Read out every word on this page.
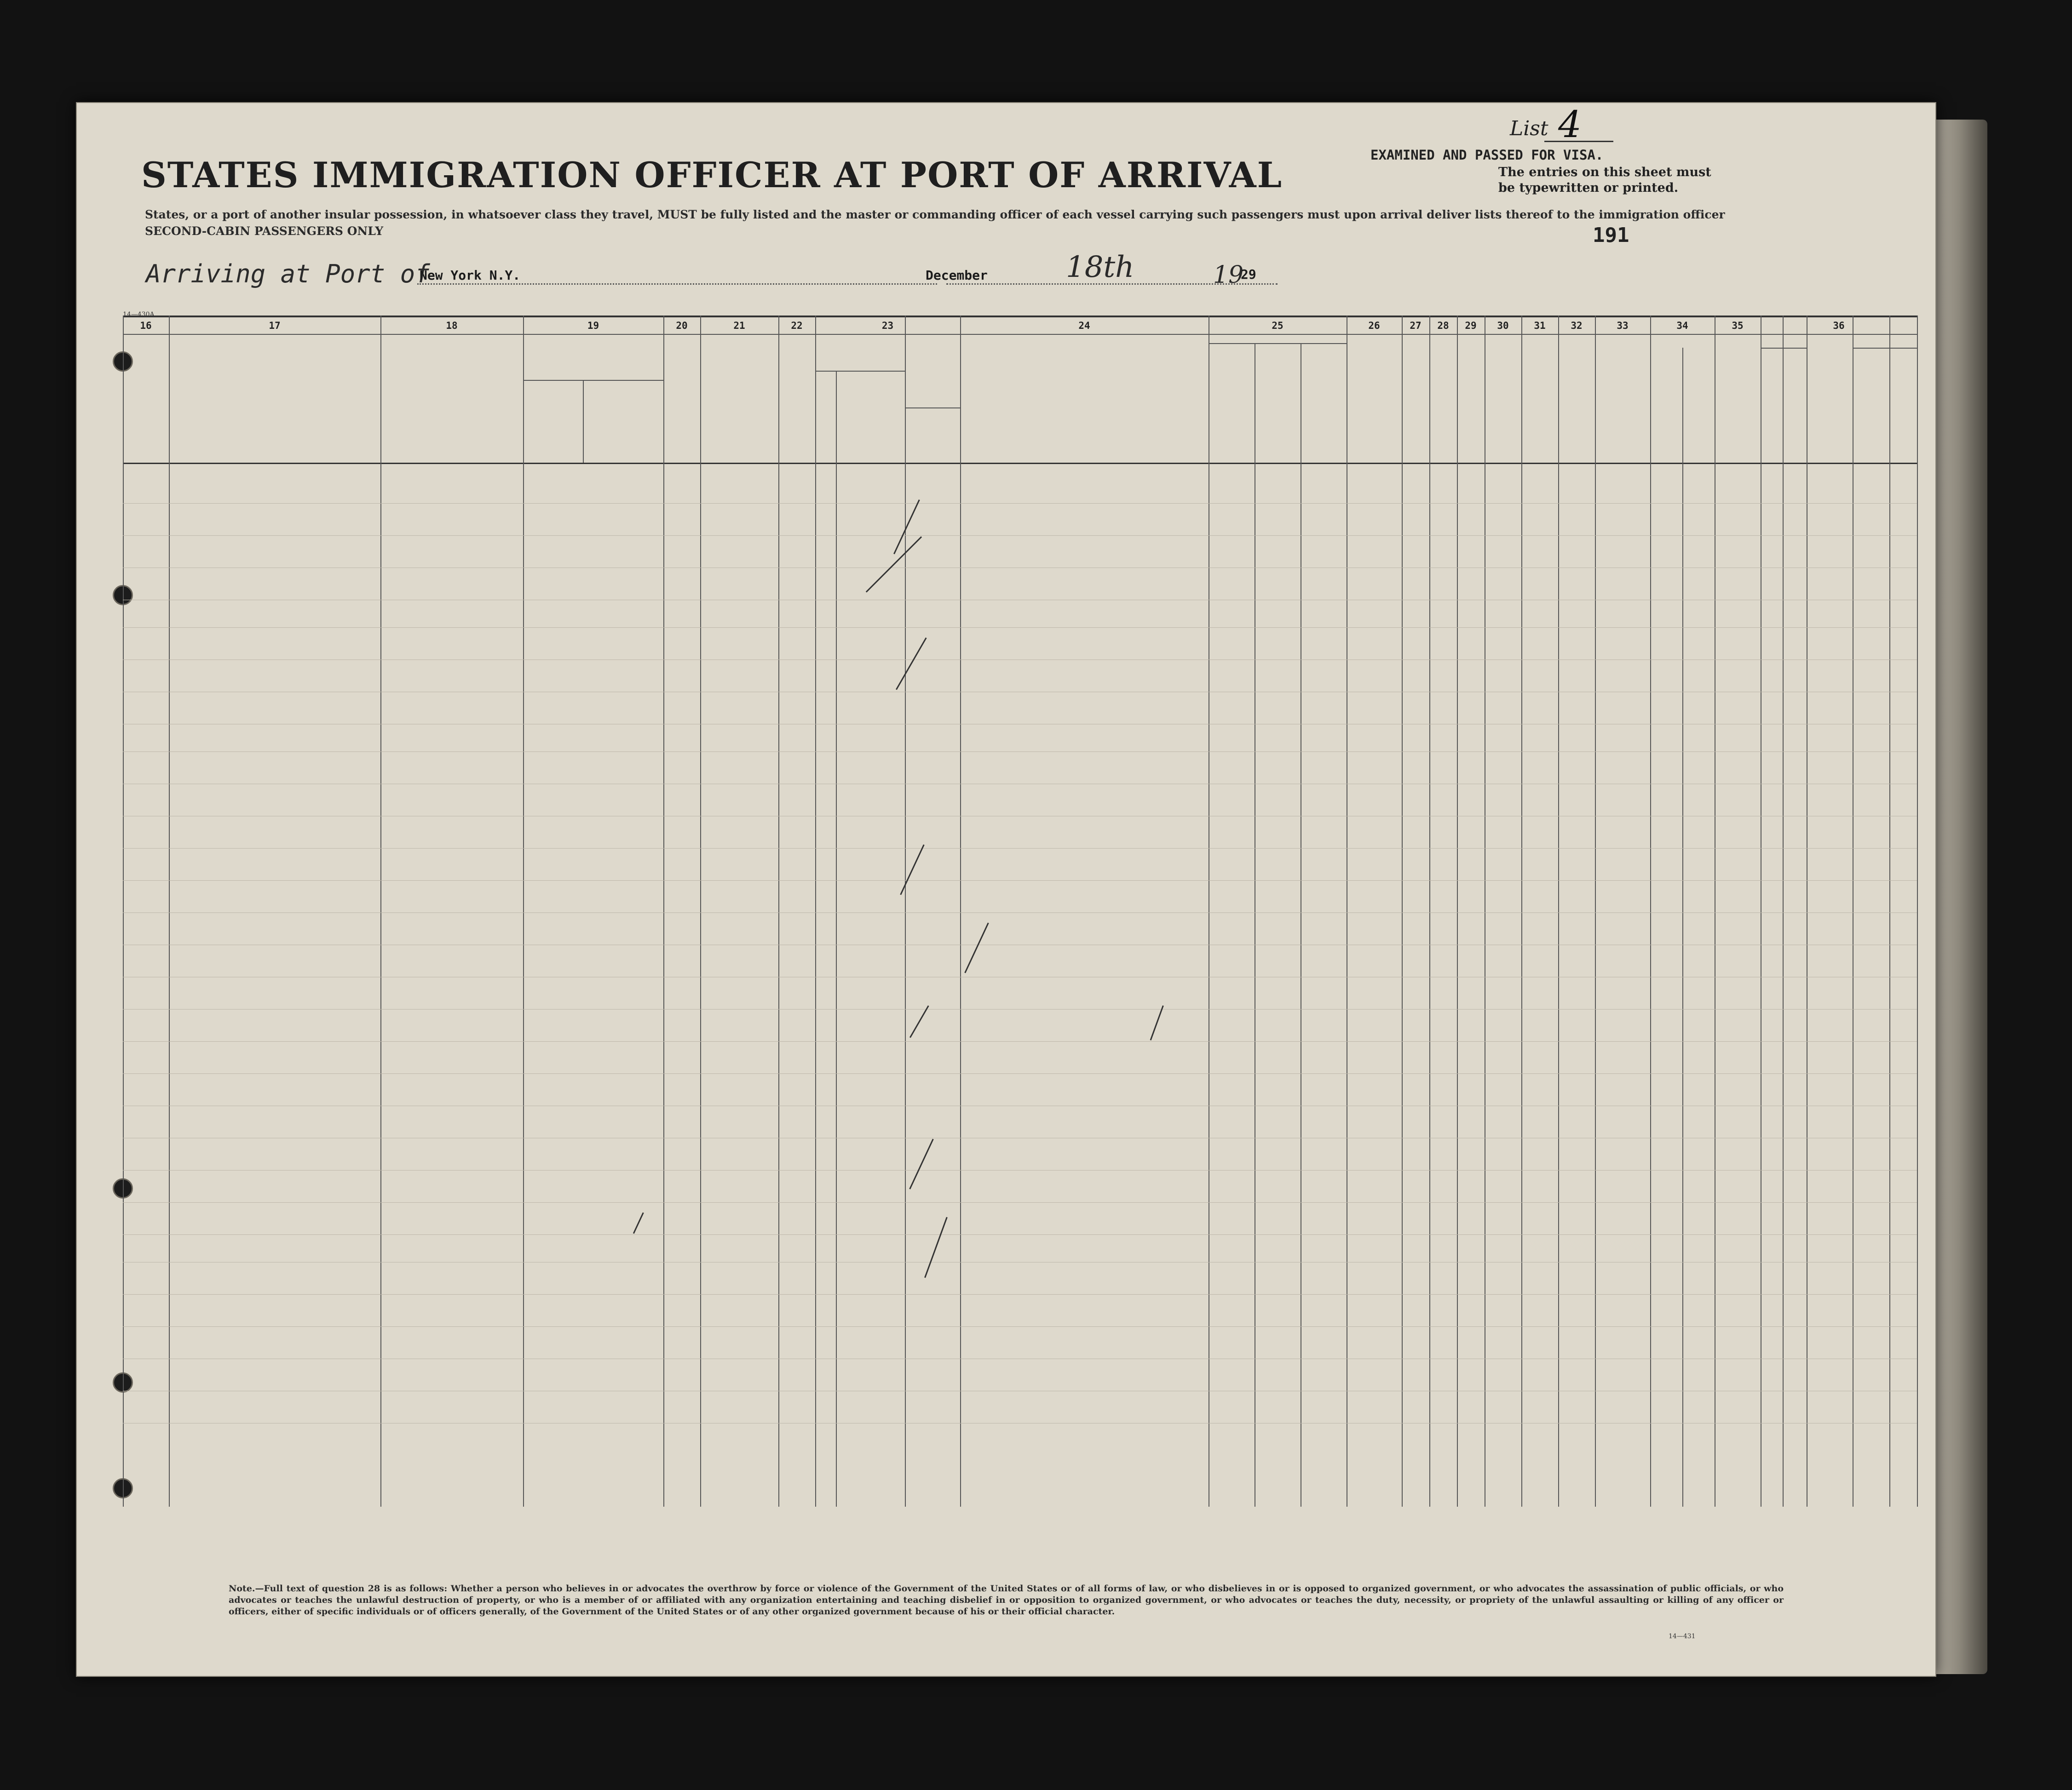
STATES IMMIGRATION OFFICER AT PORT OF ARRIVAL
States, or a port of another insular possession, in whatsoever class they travel, MUST be fully listed and the master or commanding officer of each vessel carrying such passengers must upon arrival deliver lists thereof to the immigration officer
SECOND-CABIN PASSENGERS ONLY
Arriving at Port of
New York N.Y.	December	18th	19
29
List 4
EXAMINED AND PASSED FOR VISA.
The entries on this sheet must be typewritten or printed.
191
14—430A
16	17	18	19	20	21	22	23	24	25	26	27	28	29	30	31	32	33	34	35	36
Note.—Full text of question 28 is as follows: Whether a person who believes in or advocates the overthrow by force or violence of the Government of the United States or of all forms of law, or who disbelieves in or is opposed to organized government, or who advocates the assassination of public officials, or who advocates or teaches the unlawful destruction of property, or who is a member of or affiliated with any organization entertaining and teaching disbelief in or opposition to organized government, or who advocates or teaches the duty, necessity, or propriety of the unlawful assaulting or killing of any officer or officers, either of specific individuals or of officers generally, of the Government of the United States or of any other organized government because of his or their official character.
14—431
